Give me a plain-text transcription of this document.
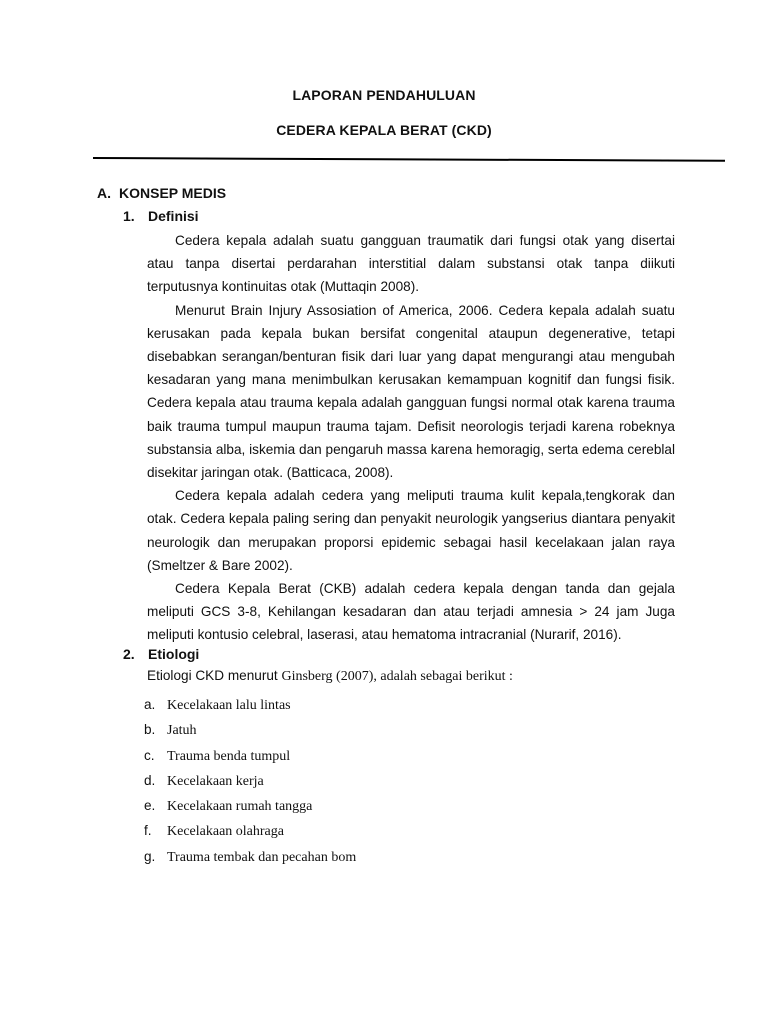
LAPORAN PENDAHULUAN
CEDERA KEPALA BERAT (CKD)
A. KONSEP MEDIS
1. Definisi

Cedera kepala adalah suatu gangguan traumatik dari fungsi otak yang disertai atau tanpa disertai perdarahan interstitial dalam substansi otak tanpa diikuti terputusnya kontinuitas otak (Muttaqin 2008).

Menurut Brain Injury Assosiation of America, 2006. Cedera kepala adalah suatu kerusakan pada kepala bukan bersifat congenital ataupun degenerative, tetapi disebabkan serangan/benturan fisik dari luar yang dapat mengurangi atau mengubah kesadaran yang mana menimbulkan kerusakan kemampuan kognitif dan fungsi fisik. Cedera kepala atau trauma kepala adalah gangguan fungsi normal otak karena trauma baik trauma tumpul maupun trauma tajam. Defisit neorologis terjadi karena robeknya substansia alba, iskemia dan pengaruh massa karena hemoragig, serta edema cereblal disekitar jaringan otak. (Batticaca, 2008).

Cedera kepala adalah cedera yang meliputi trauma kulit kepala,tengkorak dan otak. Cedera kepala paling sering dan penyakit neurologik yangserius diantara penyakit neurologik dan merupakan proporsi epidemic sebagai hasil kecelakaan jalan raya (Smeltzer & Bare 2002).

Cedera Kepala Berat (CKB) adalah cedera kepala dengan tanda dan gejala meliputi GCS 3-8, Kehilangan kesadaran dan atau terjadi amnesia > 24 jam Juga meliputi kontusio celebral, laserasi, atau hematoma intracranial (Nurarif, 2016).

2. Etiologi
Etiologi CKD menurut Ginsberg (2007), adalah sebagai berikut :
a. Kecelakaan lalu lintas
b. Jatuh
c. Trauma benda tumpul
d. Kecelakaan kerja
e. Kecelakaan rumah tangga
f. Kecelakaan olahraga
g. Trauma tembak dan pecahan bom
